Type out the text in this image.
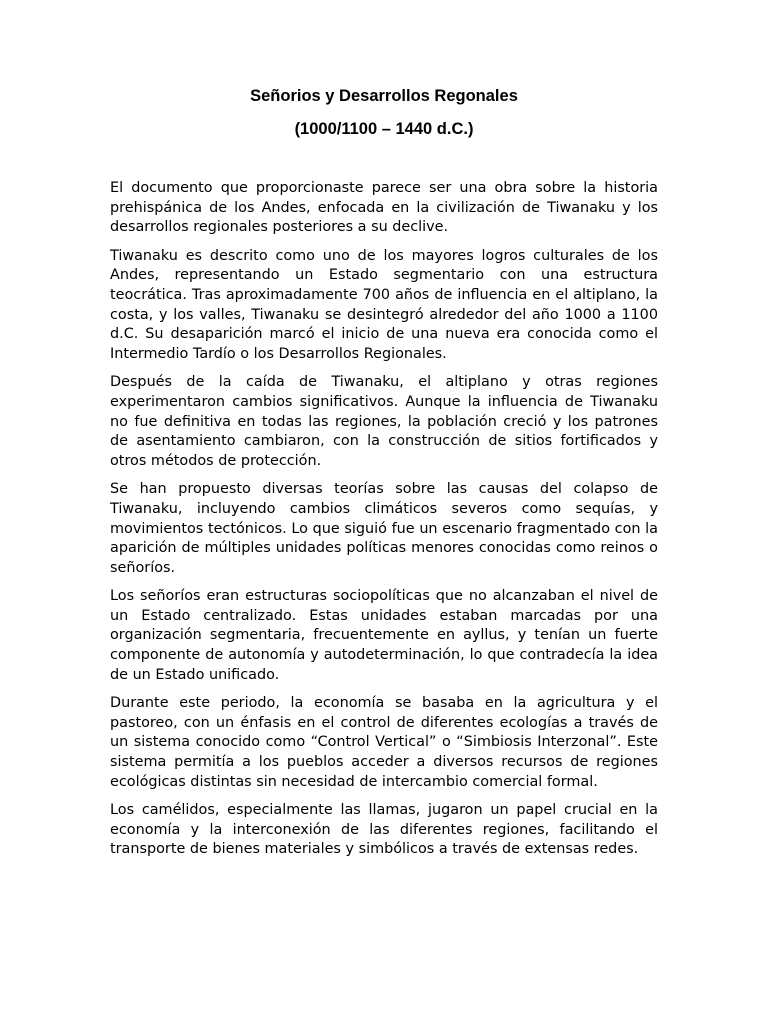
Señorios y Desarrollos Regonales
(1000/1100 – 1440 d.C.)

El documento que proporcionaste parece ser una obra sobre la historia prehispánica de los Andes, enfocada en la civilización de Tiwanaku y los desarrollos regionales posteriores a su declive.

Tiwanaku es descrito como uno de los mayores logros culturales de los Andes, representando un Estado segmentario con una estructura teocrática. Tras aproximadamente 700 años de influencia en el altiplano, la costa, y los valles, Tiwanaku se desintegró alrededor del año 1000 a 1100 d.C. Su desaparición marcó el inicio de una nueva era conocida como el Intermedio Tardío o los Desarrollos Regionales.

Después de la caída de Tiwanaku, el altiplano y otras regiones experimentaron cambios significativos. Aunque la influencia de Tiwanaku no fue definitiva en todas las regiones, la población creció y los patrones de asentamiento cambiaron, con la construcción de sitios fortificados y otros métodos de protección.

Se han propuesto diversas teorías sobre las causas del colapso de Tiwanaku, incluyendo cambios climáticos severos como sequías, y movimientos tectónicos. Lo que siguió fue un escenario fragmentado con la aparición de múltiples unidades políticas menores conocidas como reinos o señoríos.

Los señoríos eran estructuras sociopolíticas que no alcanzaban el nivel de un Estado centralizado. Estas unidades estaban marcadas por una organización segmentaria, frecuentemente en ayllus, y tenían un fuerte componente de autonomía y autodeterminación, lo que contradecía la idea de un Estado unificado.

Durante este periodo, la economía se basaba en la agricultura y el pastoreo, con un énfasis en el control de diferentes ecologías a través de un sistema conocido como “Control Vertical” o “Simbiosis Interzonal”. Este sistema permitía a los pueblos acceder a diversos recursos de regiones ecológicas distintas sin necesidad de intercambio comercial formal.

Los camélidos, especialmente las llamas, jugaron un papel crucial en la economía y la interconexión de las diferentes regiones, facilitando el transporte de bienes materiales y simbólicos a través de extensas redes.
